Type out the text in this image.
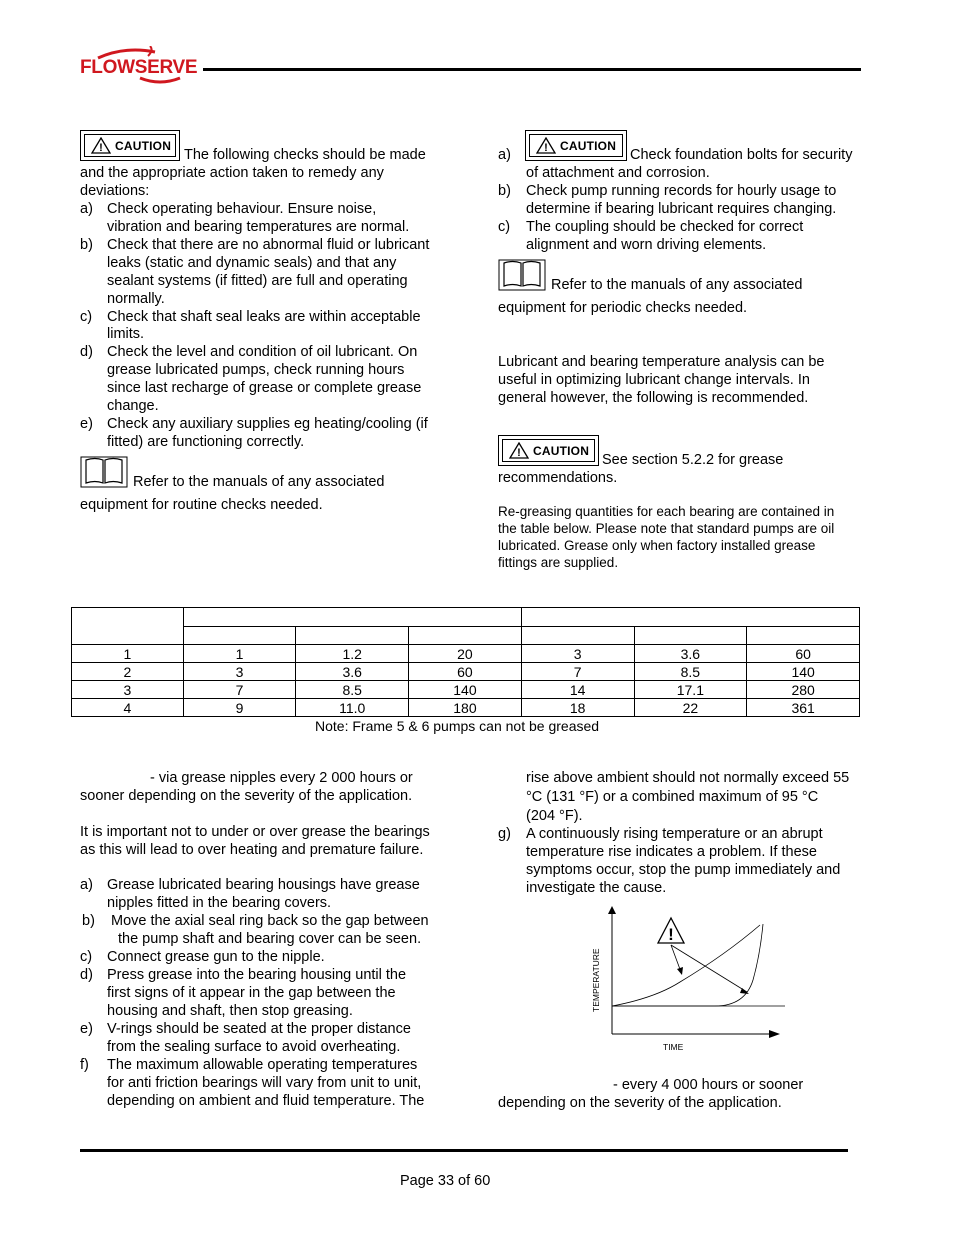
FLOWSERVE
! CAUTION
The following checks should be made
and the appropriate action taken to remedy any
deviations:
a) Check operating behaviour. Ensure noise,
vibration and bearing temperatures are normal.
b) Check that there are no abnormal fluid or lubricant
leaks (static and dynamic seals) and that any
sealant systems (if fitted) are full and operating
normally.
c) Check that shaft seal leaks are within acceptable
limits.
d) Check the level and condition of oil lubricant. On
grease lubricated pumps, check running hours
since last recharge of grease or complete grease
change.
e) Check any auxiliary supplies eg heating/cooling (if
fitted) are functioning correctly.
Refer to the manuals of any associated
equipment for routine checks needed.
a)	! CAUTION
Check foundation bolts for security
of attachment and corrosion.
b) Check pump running records for hourly usage to
determine if bearing lubricant requires changing.
c) The coupling should be checked for correct
alignment and worn driving elements.
Refer to the manuals of any associated
equipment for periodic checks needed.
Lubricant and bearing temperature analysis can be
useful in optimizing lubricant change intervals. In
general however, the following is recommended.
! CAUTION
See section 5.2.2 for grease
recommendations.
Re-greasing quantities for each bearing are contained in
the table below. Please note that standard pumps are oil
lubricated. Grease only when factory installed grease
fittings are supplied.

1	1	1.2	20	3	3.6	60
2	3	3.6	60	7	8.5	140
3	7	8.5	140	14	17.1	280
4	9	11.0	180	18	22	361
Note: Frame 5 & 6 pumps can not be greased
- via grease nipples every 2 000 hours or
sooner depending on the severity of the application.
It is important not to under or over grease the bearings
as this will lead to over heating and premature failure.
a) Grease lubricated bearing housings have grease
nipples fitted in the bearing covers.
b) Move the axial seal ring back so the gap between
the pump shaft and bearing cover can be seen.
c) Connect grease gun to the nipple.
d) Press grease into the bearing housing until the
first signs of it appear in the gap between the
housing and shaft, then stop greasing.
e) V-rings should be seated at the proper distance
from the sealing surface to avoid overheating.
f) The maximum allowable operating temperatures
for anti friction bearings will vary from unit to unit,
depending on ambient and fluid temperature. The
rise above ambient should not normally exceed 55
°C (131 °F) or a combined maximum of 95 °C
(204 °F).
g) A continuously rising temperature or an abrupt
temperature rise indicates a problem. If these
symptoms occur, stop the pump immediately and
investigate the cause.
!
TEMPERATURE
TIME
- every 4 000 hours or sooner
depending on the severity of the application.
Page 33 of 60
